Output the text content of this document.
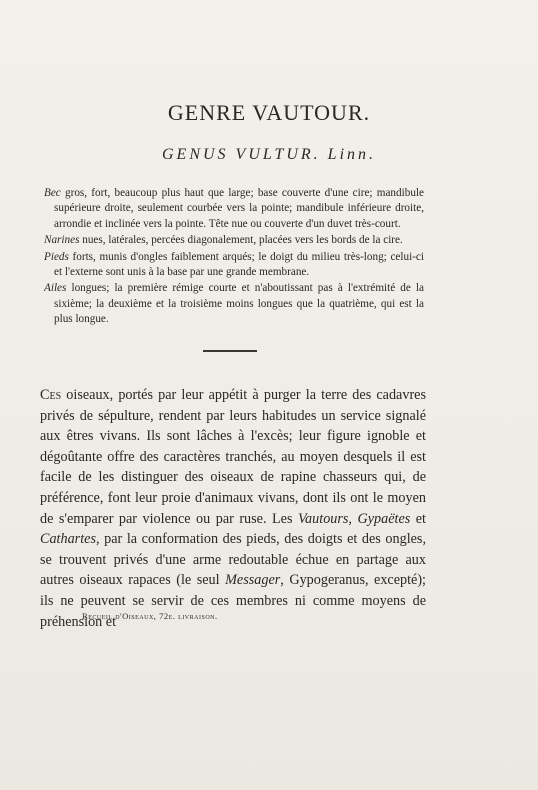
GENRE VAUTOUR.
GENUS VULTUR. Linn.

Bec gros, fort, beaucoup plus haut que large; base couverte d'une cire; mandibule supérieure droite, seulement courbée vers la pointe; mandibule inférieure droite, arrondie et inclinée vers la pointe. Tête nue ou couverte d'un duvet très-court.

Narines nues, latérales, percées diagonalement, placées vers les bords de la cire.

Pieds forts, munis d'ongles faiblement arqués; le doigt du milieu très-long; celui-ci et l'externe sont unis à la base par une grande membrane.

Ailes longues; la première rémige courte et n'aboutissant pas à l'extrémité de la sixième; la deuxième et la troisième moins longues que la quatrième, qui est la plus longue.

Ces oiseaux, portés par leur appétit à purger la terre des cadavres privés de sépulture, rendent par leurs habitudes un service signalé aux êtres vivans. Ils sont lâches à l'excès; leur figure ignoble et dégoûtante offre des caractères tranchés, au moyen desquels il est facile de les distinguer des oiseaux de rapine chasseurs qui, de préférence, font leur proie d'animaux vivans, dont ils ont le moyen de s'emparer par violence ou par ruse. Les Vautours, Gypaëtes et Cathartes, par la conformation des pieds, des doigts et des ongles, se trouvent privés d'une arme redoutable échue en partage aux autres oiseaux rapaces (le seul Messager, Gypogeranus, excepté); ils ne peuvent se servir de ces membres ni comme moyens de préhension et
Recueil d'Oiseaux, 72e. livraison.
